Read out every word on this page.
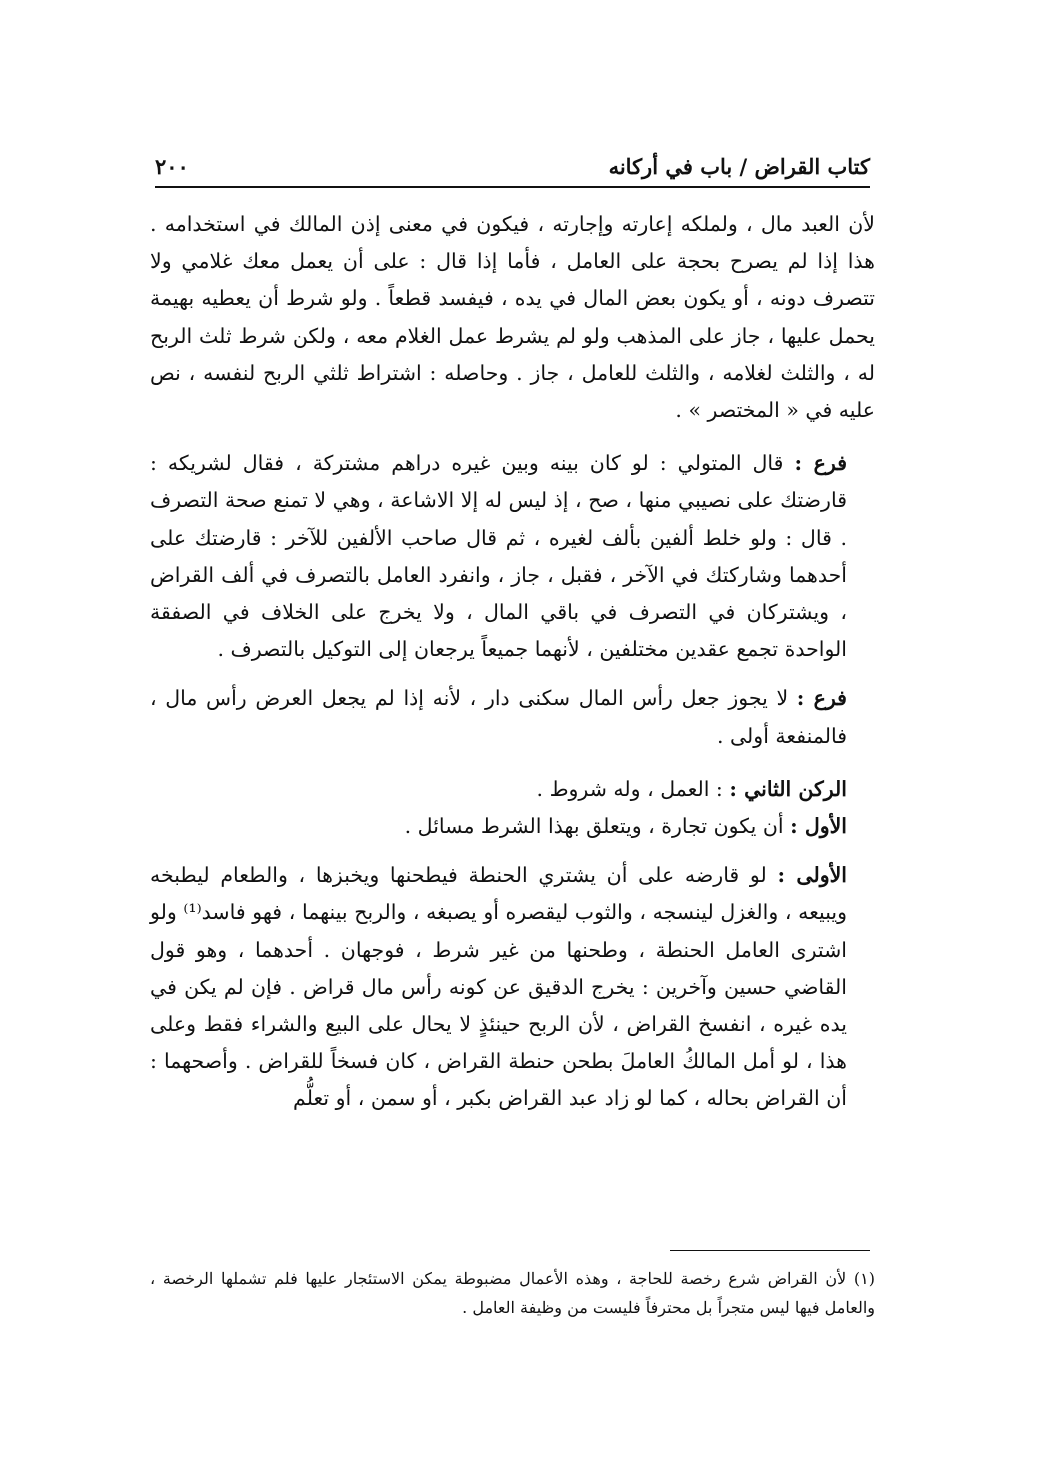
كتاب القراض / باب في أركانه
٢٠٠

لأن العبد مال ، ولملكه إعارته وإجارته ، فيكون في معنى إذن المالك في استخدامه . هذا إذا لم يصرح بحجة على العامل ، فأما إذا قال : على أن يعمل معك غلامي ولا تتصرف دونه ، أو يكون بعض المال في يده ، فيفسد قطعاً . ولو شرط أن يعطيه بهيمة يحمل عليها ، جاز على المذهب ولو لم يشرط عمل الغلام معه ، ولكن شرط ثلث الربح له ، والثلث لغلامه ، والثلث للعامل ، جاز . وحاصله : اشتراط ثلثي الربح لنفسه ، نص عليه في « المختصر » .

فرع : قال المتولي : لو كان بينه وبين غيره دراهم مشتركة ، فقال لشريكه : قارضتك على نصيبي منها ، صح ، إذ ليس له إلا الاشاعة ، وهي لا تمنع صحة التصرف . قال : ولو خلط ألفين بألف لغيره ، ثم قال صاحب الألفين للآخر : قارضتك على أحدهما وشاركتك في الآخر ، فقبل ، جاز ، وانفرد العامل بالتصرف في ألف القراض ، ويشتركان في التصرف في باقي المال ، ولا يخرج على الخلاف في الصفقة الواحدة تجمع عقدين مختلفين ، لأنهما جميعاً يرجعان إلى التوكيل بالتصرف .

فرع : لا يجوز جعل رأس المال سكنى دار ، لأنه إذا لم يجعل العرض رأس مال ، فالمنفعة أولى .

الركن الثاني : : العمل ، وله شروط .

الأول : أن يكون تجارة ، ويتعلق بهذا الشرط مسائل .

الأولى : لو قارضه على أن يشتري الحنطة فيطحنها ويخبزها ، والطعام ليطبخه ويبيعه ، والغزل لينسجه ، والثوب ليقصره أو يصبغه ، والربح بينهما ، فهو فاسد⁽¹⁾ ولو اشترى العامل الحنطة ، وطحنها من غير شرط ، فوجهان . أحدهما ، وهو قول القاضي حسين وآخرين : يخرج الدقيق عن كونه رأس مال قراض . فإن لم يكن في يده غيره ، انفسخ القراض ، لأن الربح حينئذٍ لا يحال على البيع والشراء فقط وعلى هذا ، لو أمل المالكُ العاملَ بطحن حنطة القراض ، كان فسخاً للقراض . وأصحهما : أن القراض بحاله ، كما لو زاد عبد القراض بكبر ، أو سمن ، أو تعلُّم

(١) لأن القراض شرع رخصة للحاجة ، وهذه الأعمال مضبوطة يمكن الاستئجار عليها فلم تشملها الرخصة ، والعامل فيها ليس متجراً بل محترفاً فليست من وظيفة العامل .
